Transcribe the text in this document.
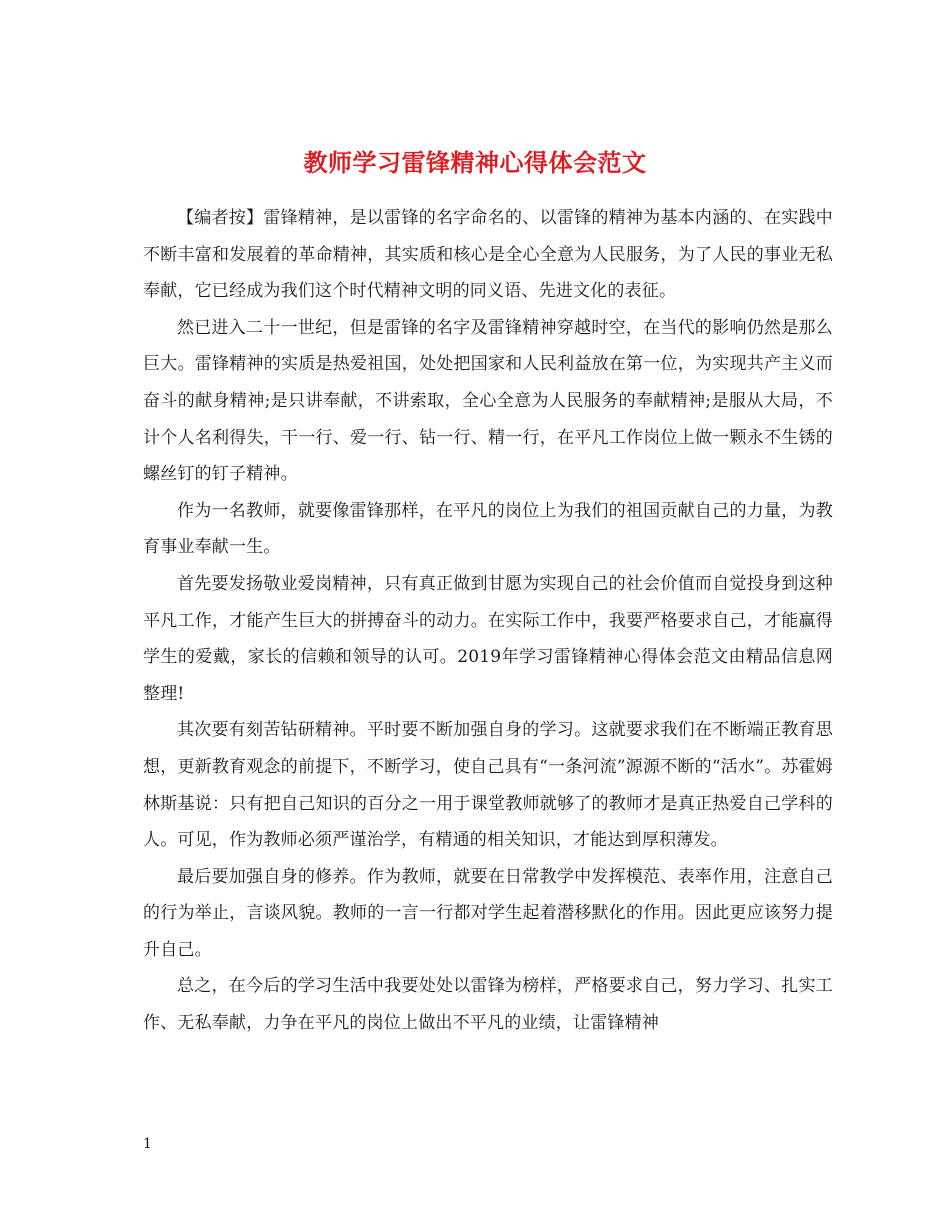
教师学习雷锋精神心得体会范文

【编者按】雷锋精神，是以雷锋的名字命名的、以雷锋的精神为基本内涵的、在实践中不断丰富和发展着的革命精神，其实质和核心是全心全意为人民服务，为了人民的事业无私奉献，它已经成为我们这个时代精神文明的同义语、先进文化的表征。

然已进入二十一世纪，但是雷锋的名字及雷锋精神穿越时空，在当代的影响仍然是那么巨大。雷锋精神的实质是热爱祖国，处处把国家和人民利益放在第一位，为实现共产主义而奋斗的献身精神;是只讲奉献，不讲索取，全心全意为人民服务的奉献精神;是服从大局，不计个人名利得失，干一行、爱一行、钻一行、精一行，在平凡工作岗位上做一颗永不生锈的螺丝钉的钉子精神。

作为一名教师，就要像雷锋那样，在平凡的岗位上为我们的祖国贡献自己的力量，为教育事业奉献一生。

首先要发扬敬业爱岗精神，只有真正做到甘愿为实现自己的社会价值而自觉投身到这种平凡工作，才能产生巨大的拼搏奋斗的动力。在实际工作中，我要严格要求自己，才能赢得学生的爱戴，家长的信赖和领导的认可。2019年学习雷锋精神心得体会范文由精品信息网整理!

其次要有刻苦钻研精神。平时要不断加强自身的学习。这就要求我们在不断端正教育思想，更新教育观念的前提下，不断学习，使自己具有“一条河流”源源不断的“活水”。苏霍姆林斯基说：只有把自己知识的百分之一用于课堂教师就够了的教师才是真正热爱自己学科的人。可见，作为教师必须严谨治学，有精通的相关知识，才能达到厚积薄发。

最后要加强自身的修养。作为教师，就要在日常教学中发挥模范、表率作用，注意自己的行为举止，言谈风貌。教师的一言一行都对学生起着潜移默化的作用。因此更应该努力提升自己。

总之，在今后的学习生活中我要处处以雷锋为榜样，严格要求自己，努力学习、扎实工作、无私奉献，力争在平凡的岗位上做出不平凡的业绩，让雷锋精神

1
